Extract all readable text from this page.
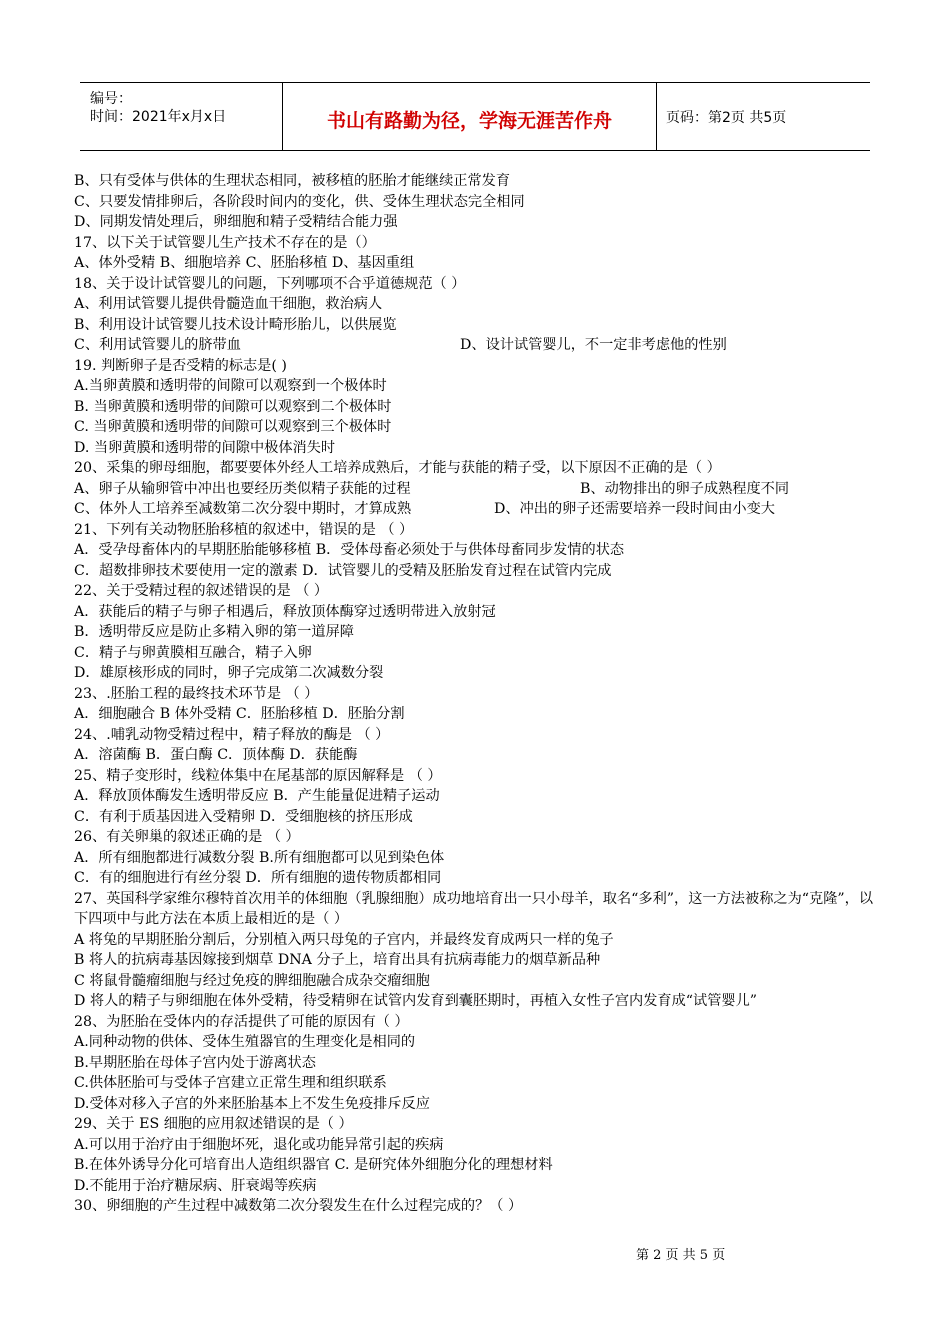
编号：
时间：2021年x月x日	书山有路勤为径，学海无涯苦作舟	页码：第2页 共5页
B、只有受体与供体的生理状态相同，被移植的胚胎才能继续正常发育
C、只要发情排卵后，各阶段时间内的变化，供、受体生理状态完全相同
D、同期发情处理后，卵细胞和精子受精结合能力强
17、以下关于试管婴儿生产技术不存在的是（）
A、体外受精 B、细胞培养 C、胚胎移植 D、基因重组
18、关于设计试管婴儿的问题，下列哪项不合乎道德规范（ ）
A、利用试管婴儿提供骨髓造血干细胞，救治病人
B、利用设计试管婴儿技术设计畸形胎儿，以供展览
C、利用试管婴儿的脐带血	D、设计试管婴儿，不一定非考虑他的性别
19. 判断卵子是否受精的标志是( )
A.当卵黄膜和透明带的间隙可以观察到一个极体时
B. 当卵黄膜和透明带的间隙可以观察到二个极体时
C. 当卵黄膜和透明带的间隙可以观察到三个极体时
D. 当卵黄膜和透明带的间隙中极体消失时
20、采集的卵母细胞，都要要体外经人工培养成熟后，才能与获能的精子受，以下原因不正确的是（ ）
A、卵子从输卵管中冲出也要经历类似精子获能的过程	B、动物排出的卵子成熟程度不同
C、体外人工培养至减数第二次分裂中期时，才算成熟	D、冲出的卵子还需要培养一段时间由小变大
21、下列有关动物胚胎移植的叙述中，错误的是 （ ）
A．受孕母畜体内的早期胚胎能够移植 B．受体母畜必须处于与供体母畜同步发情的状态
C．超数排卵技术要使用一定的激素 D．试管婴儿的受精及胚胎发育过程在试管内完成
22、关于受精过程的叙述错误的是 （ ）
A．获能后的精子与卵子相遇后，释放顶体酶穿过透明带进入放射冠
B．透明带反应是防止多精入卵的第一道屏障
C．精子与卵黄膜相互融合，精子入卵
D．雄原核形成的同时，卵子完成第二次减数分裂
23、.胚胎工程的最终技术环节是 （ ）
A．细胞融合 B 体外受精 C．胚胎移植 D．胚胎分割
24、.哺乳动物受精过程中，精子释放的酶是 （ ）
A．溶菌酶 B．蛋白酶 C．顶体酶 D．获能酶
25、精子变形时，线粒体集中在尾基部的原因解释是 （ ）
A．释放顶体酶发生透明带反应 B．产生能量促进精子运动
C．有利于质基因进入受精卵 D．受细胞核的挤压形成
26、有关卵巢的叙述正确的是 （ ）
A．所有细胞都进行减数分裂 B.所有细胞都可以见到染色体
C．有的细胞进行有丝分裂 D．所有细胞的遗传物质都相同
27、英国科学家维尔穆特首次用羊的体细胞（乳腺细胞）成功地培育出一只小母羊，取名“多利”，这一方法被称之为“克隆”，以下四项中与此方法在本质上最相近的是（ ）
A 将兔的早期胚胎分割后，分别植入两只母兔的子宫内，并最终发育成两只一样的兔子
B 将人的抗病毒基因嫁接到烟草 DNA 分子上，培育出具有抗病毒能力的烟草新品种
C 将鼠骨髓瘤细胞与经过免疫的脾细胞融合成杂交瘤细胞
D 将人的精子与卵细胞在体外受精，待受精卵在试管内发育到囊胚期时，再植入女性子宫内发育成“试管婴儿”
28、为胚胎在受体内的存活提供了可能的原因有（ ）
A.同种动物的供体、受体生殖器官的生理变化是相同的
B.早期胚胎在母体子宫内处于游离状态
C.供体胚胎可与受体子宫建立正常生理和组织联系
D.受体对移入子宫的外来胚胎基本上不发生免疫排斥反应
29、关于 ES 细胞的应用叙述错误的是（ ）
A.可以用于治疗由于细胞坏死，退化或功能异常引起的疾病
B.在体外诱导分化可培育出人造组织器官 C. 是研究体外细胞分化的理想材料
D.不能用于治疗糖尿病、肝衰竭等疾病
30、卵细胞的产生过程中减数第二次分裂发生在什么过程完成的？（ ）
第 2 页 共 5 页
